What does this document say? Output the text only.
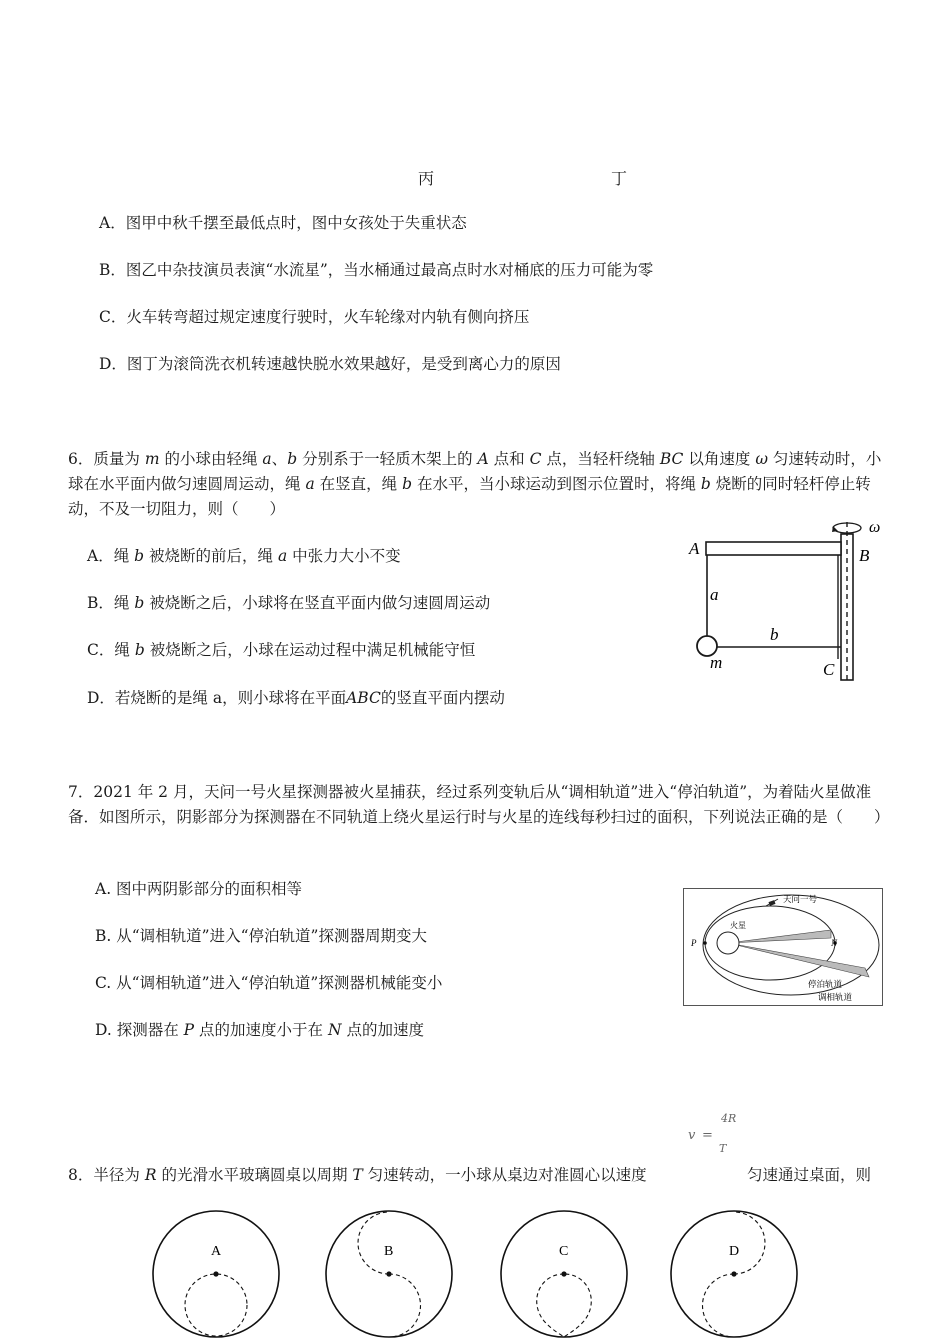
丙	丁
A．图甲中秋千摆至最低点时，图中女孩处于失重状态
B．图乙中杂技演员表演“水流星”，当水桶通过最高点时水对桶底的压力可能为零
C．火车转弯超过规定速度行驶时，火车轮缘对内轨有侧向挤压
D．图丁为滚筒洗衣机转速越快脱水效果越好，是受到离心力的原因
6．质量为 m 的小球由轻绳 a、b 分别系于一轻质木架上的 A 点和 C 点，当轻杆绕轴 BC 以角速度 ω 匀速转动时，小球在水平面内做匀速圆周运动，绳 a 在竖直，绳 b 在水平，当小球运动到图示位置时，将绳 b 烧断的同时轻杆停止转动，不及一切阻力，则（　　）
A．绳 b 被烧断的前后，绳 a 中张力大小不变
B．绳 b 被烧断之后，小球将在竖直平面内做匀速圆周运动
C．绳 b 被烧断之后，小球在运动过程中满足机械能守恒
D．若烧断的是绳 a，则小球将在平面ABC的竖直平面内摆动
A	B
C
a
b
m
ω
7．2021 年 2 月，天问一号火星探测器被火星捕获，经过系列变轨后从“调相轨道”进入“停泊轨道”，为着陆火星做准备．如图所示，阴影部分为探测器在不同轨道上绕火星运行时与火星的连线每秒扫过的面积，下列说法正确的是（　　）
A. 图中两阴影部分的面积相等
B. 从“调相轨道”进入“停泊轨道”探测器周期变大
C. 从“调相轨道”进入“停泊轨道”探测器机械能变小
D. 探测器在 P 点的加速度小于在 N 点的加速度
天问一号
火星
P	N
停泊轨道
调相轨道
v =
4R
T
8．半径为 R 的光滑水平玻璃圆桌以周期 T 匀速转动，一小球从桌边对准圆心以速度	匀速通过桌面，则
A	B	C	D
